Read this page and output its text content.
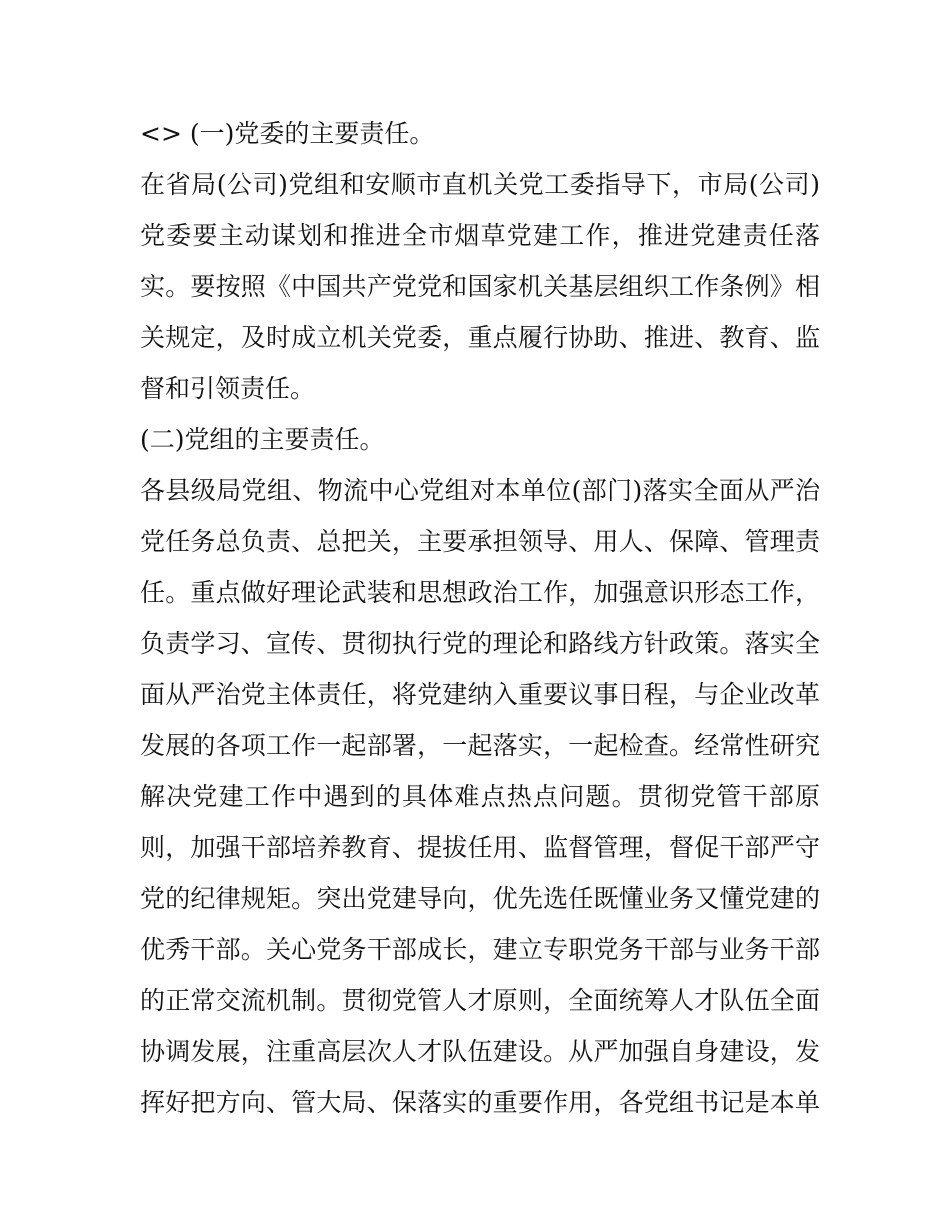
<> (一)党委的主要责任。
在省局(公司)党组和安顺市直机关党工委指导下，市局(公司)
党委要主动谋划和推进全市烟草党建工作，推进党建责任落
实。要按照《中国共产党党和国家机关基层组织工作条例》相
关规定，及时成立机关党委，重点履行协助、推进、教育、监
督和引领责任。
(二)党组的主要责任。
各县级局党组、物流中心党组对本单位(部门)落实全面从严治
党任务总负责、总把关，主要承担领导、用人、保障、管理责
任。重点做好理论武装和思想政治工作，加强意识形态工作，
负责学习、宣传、贯彻执行党的理论和路线方针政策。落实全
面从严治党主体责任，将党建纳入重要议事日程，与企业改革
发展的各项工作一起部署，一起落实，一起检查。经常性研究
解决党建工作中遇到的具体难点热点问题。贯彻党管干部原
则，加强干部培养教育、提拔任用、监督管理，督促干部严守
党的纪律规矩。突出党建导向，优先选任既懂业务又懂党建的
优秀干部。关心党务干部成长，建立专职党务干部与业务干部
的正常交流机制。贯彻党管人才原则，全面统筹人才队伍全面
协调发展，注重高层次人才队伍建设。从严加强自身建设，发
挥好把方向、管大局、保落实的重要作用，各党组书记是本单
